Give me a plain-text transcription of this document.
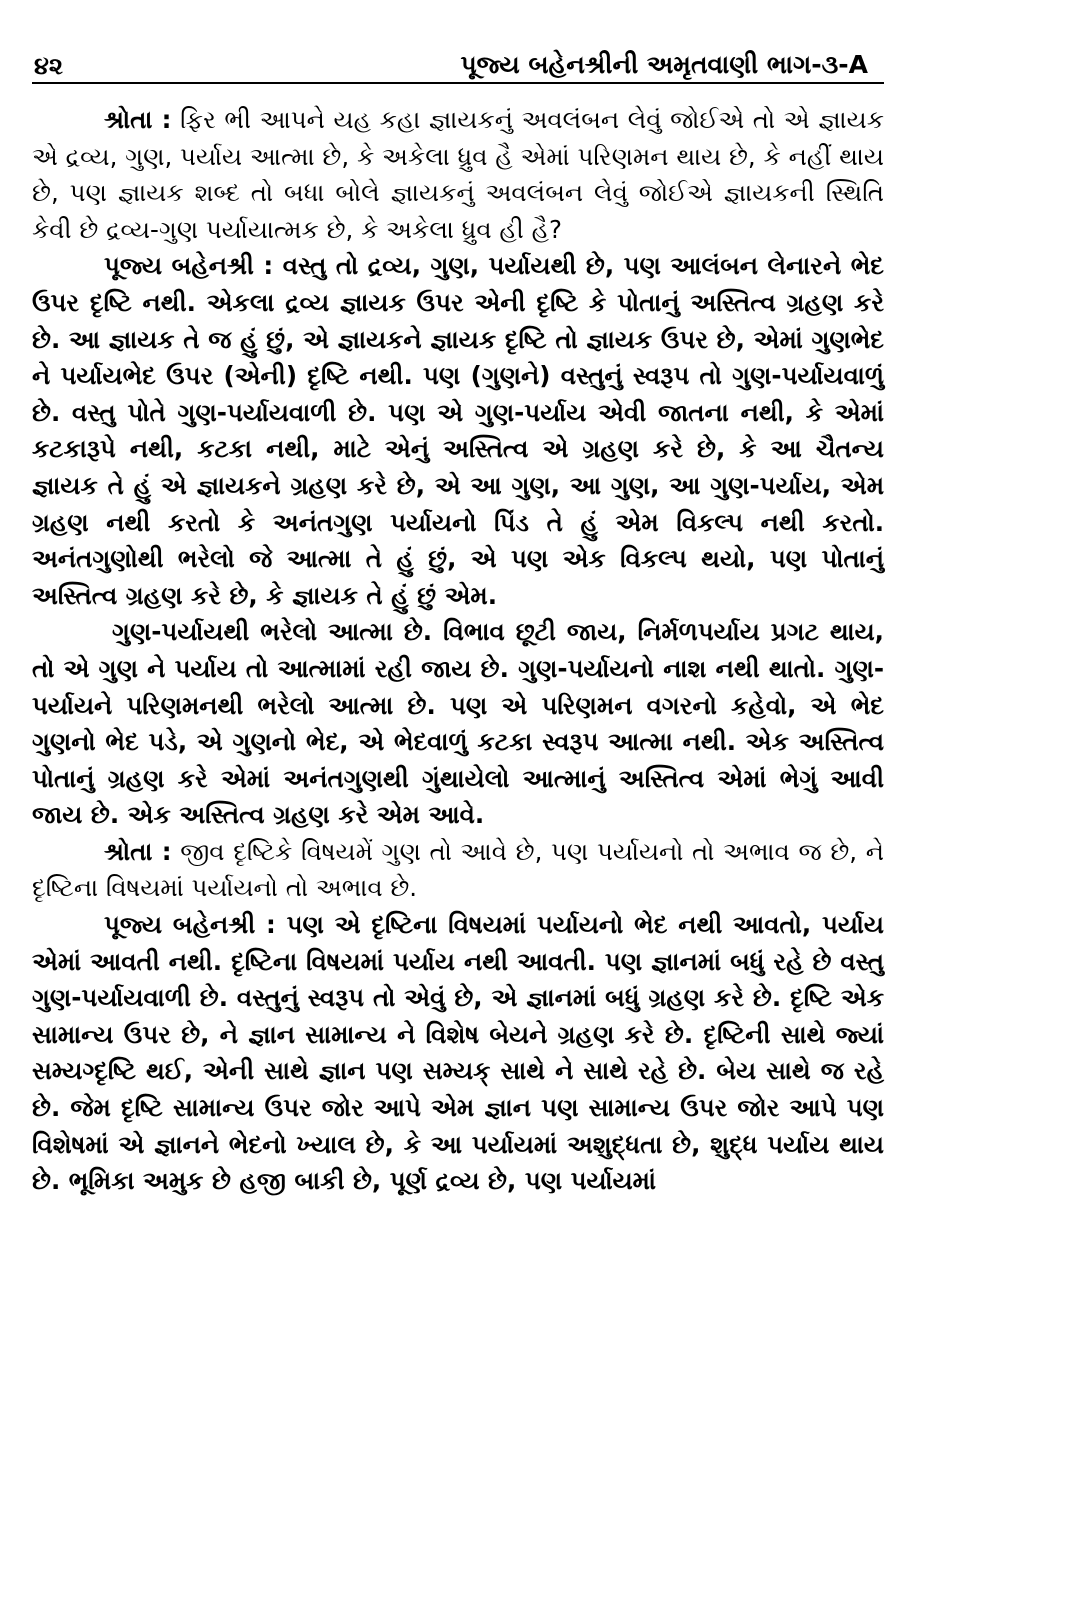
૪૨	પૂજ્ય બહેનશ્રીની અમૃતવાણી ભાગ-૩-A

શ્રોતા : ફિર ભી આપને યહ કહા જ્ઞાયકનું અવલંબન લેવું જોઈએ તો એ જ્ઞાયક એ દ્રવ્ય, ગુણ, પર્યાય આત્મા છે, કે અકેલા ધ્રુવ હૈ એમાં પરિણમન થાય છે, કે નહીં થાય છે, પણ જ્ઞાયક શબ્દ તો બધા બોલે જ્ઞાયકનું અવલંબન લેવું જોઈએ જ્ઞાયકની સ્થિતિ કેવી છે દ્રવ્ય-ગુણ પર્યાયાત્મક છે, કે અકેલા ધ્રુવ હી હૈ?

પૂજ્ય બહેનશ્રી : વસ્તુ તો દ્રવ્ય, ગુણ, પર્યાયથી છે, પણ આલંબન લેનારને ભેદ ઉપર દૃષ્ટિ નથી. એકલા દ્રવ્ય જ્ઞાયક ઉપર એની દૃષ્ટિ કે પોતાનું અસ્તિત્વ ગ્રહણ કરે છે. આ જ્ઞાયક તે જ હું છું, એ જ્ઞાયકને જ્ઞાયક દૃષ્ટિ તો જ્ઞાયક ઉપર છે, એમાં ગુણભેદ ને પર્યાયભેદ ઉપર (એની) દૃષ્ટિ નથી. પણ (ગુણને) વસ્તુનું સ્વરૂપ તો ગુણ-પર્યાયવાળું છે. વસ્તુ પોતે ગુણ-પર્યાયવાળી છે. પણ એ ગુણ-પર્યાય એવી જાતના નથી, કે એમાં કટકારૂપે નથી, કટકા નથી, માટે એનું અસ્તિત્વ એ ગ્રહણ કરે છે, કે આ ચૈતન્ય જ્ઞાયક તે હું એ જ્ઞાયકને ગ્રહણ કરે છે, એ આ ગુણ, આ ગુણ, આ ગુણ-પર્યાય, એમ ગ્રહણ નથી કરતો કે અનંતગુણ પર્યાયનો પિંડ તે હું એમ વિકલ્પ નથી કરતો. અનંતગુણોથી ભરેલો જે આત્મા તે હું છું, એ પણ એક વિકલ્પ થયો, પણ પોતાનું અસ્તિત્વ ગ્રહણ કરે છે, કે જ્ઞાયક તે હું છું એમ.

ગુણ-પર્યાયથી ભરેલો આત્મા છે. વિભાવ છૂટી જાય, નિર્મળપર્યાય પ્રગટ થાય, તો એ ગુણ ને પર્યાય તો આત્મામાં રહી જાય છે. ગુણ-પર્યાયનો નાશ નથી થાતો. ગુણ-પર્યાયને પરિણમનથી ભરેલો આત્મા છે. પણ એ પરિણમન વગરનો કહેવો, એ ભેદ ગુણનો ભેદ પડે, એ ગુણનો ભેદ, એ ભેદવાળું કટકા સ્વરૂપ આત્મા નથી. એક અસ્તિત્વ પોતાનું ગ્રહણ કરે એમાં અનંતગુણથી ગુંથાયેલો આત્માનું અસ્તિત્વ એમાં ભેગું આવી જાય છે. એક અસ્તિત્વ ગ્રહણ કરે એમ આવે.

શ્રોતા : જીવ દૃષ્ટિકે વિષયમેં ગુણ તો આવે છે, પણ પર્યાયનો તો અભાવ જ છે, ને દૃષ્ટિના વિષયમાં પર્યાયનો તો અભાવ છે.

પૂજ્ય બહેનશ્રી : પણ એ દૃષ્ટિના વિષયમાં પર્યાયનો ભેદ નથી આવતો, પર્યાય એમાં આવતી નથી. દૃષ્ટિના વિષયમાં પર્યાય નથી આવતી. પણ જ્ઞાનમાં બધું રહે છે વસ્તુ ગુણ-પર્યાયવાળી છે. વસ્તુનું સ્વરૂપ તો એવું છે, એ જ્ઞાનમાં બધું ગ્રહણ કરે છે. દૃષ્ટિ એક સામાન્ય ઉપર છે, ને જ્ઞાન સામાન્ય ને વિશેષ બેયને ગ્રહણ કરે છે. દૃષ્ટિની સાથે જ્યાં સમ્યગ્દૃષ્ટિ થઈ, એની સાથે જ્ઞાન પણ સમ્યક્ સાથે ને સાથે રહે છે. બેય સાથે જ રહે છે. જેમ દૃષ્ટિ સામાન્ય ઉપર જોર આપે એમ જ્ઞાન પણ સામાન્ય ઉપર જોર આપે પણ વિશેષમાં એ જ્ઞાનને ભેદનો ખ્યાલ છે, કે આ પર્યાયમાં અશુદ્ધતા છે, શુદ્ધ પર્યાય થાય છે. ભૂમિકા અમુક છે હજી બાકી છે, પૂર્ણ દ્રવ્ય છે, પણ પર્યાયમાં
